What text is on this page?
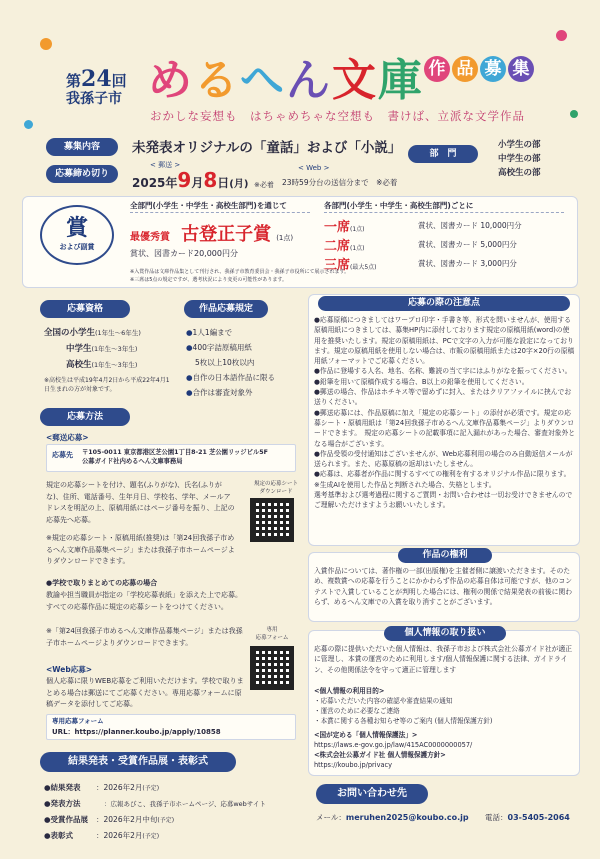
第24回
我孫子市 めるへん文庫 作 品 募 集
おかしな妄想も　はちゃめちゃな空想も　書けば、立派な文学作品
募集内容	未発表オリジナルの「童話」および「小説」	部　門
小学生の部
中学生の部
高校生の部
応募締め切り
< 郵送 >
2025年9月8日(月) ※必着
< Web >
23時59分台の送信分まで　※必着
賞
および副賞
全部門(小学生・中学生・高校生部門)を通じて
最優秀賞 古登正子賞 (1点)
賞状、図書カード20,000円分
各部門(小学生・中学生・高校生部門)ごとに
一席(1点)	賞状、図書カード 10,000円分
二席(1点)	賞状、図書カード 5,000円分
三席(最大5点)	賞状、図書カード 3,000円分
※入賞作品は文庫作品集として刊行され、我孫子市教育委員会・我孫子市役所にて展示されます。
※三席は5点の規定ですが、選考状況により変更の可能性があります。
応募資格
全国の小学生(1年生〜6年生)
中学生(1年生〜3年生)
高校生(1年生〜3年生)
※高校生は平成19年4月2日から平成22年4月1日生まれの方が対象です。
作品応募規定
●1人1編まで
●400字詰原稿用紙
5枚以上10枚以内
●自作の日本語作品に限る
●合作は審査対象外
応募方法
<郵送応募>
応募先 〒105-0011 東京都港区芝公園1丁目8-21 芝公園リッジビル5F
公募ガイド社内めるへん文庫事務局
規定の応募シートを付け、題名(ふりがな)、氏名(ふりがな)、住所、電話番号、生年月日、学校名、学年、メールアドレスを明記の上、原稿用紙にはページ番号を振り、上記の応募先へ応募。
※規定の応募シート・原稿用紙(推奨)は「第24回我孫子市めるへん文庫作品募集ページ」または我孫子市ホームページよりダウンロードできます。
規定の応募シート
ダウンロード
●学校で取りまとめての応募の場合
教諭や担当職員が指定の「学校応募表紙」を添えた上で応募。すべての応募作品に規定の応募シートをつけてください。
※「第24回我孫子市めるへん文庫作品募集ページ」または我孫子市ホームページよりダウンロードできます。
<Web応募>
個人応募に限りWEB応募をご利用いただけます。学校で取りまとめる場合は郵送にてご応募ください。専用応募フォームに原稿データを添付してご応募。
専用
応募フォーム
専用応募フォーム
URL：https://planner.koubo.jp/apply/10858
結果発表・受賞作品展・表彰式
●結果発表 ：2026年2月(予定)
●発表方法	：広報あびこ、我孫子市ホームページ、応募webサイト
●受賞作品展 ：2026年2月中旬(予定)
●表彰式	：2026年2月(予定)
応募の際の注意点
●応募原稿につきましてはワープロ印字・手書き等、形式を問いませんが、使用する原稿用紙につきましては、募集HP内に添付しております規定の原稿用紙(word)の使用を推奨いたします。規定の原稿用紙は、PCで文字の入力が可能な設定になっております。規定の原稿用紙を使用しない場合は、市販の原稿用紙または20字×20行の原稿用紙フォーマットでご応募ください。
●作品に登場する人名、地名、名称、難読の当て字にはふりがなを振ってください。
●鉛筆を用いて原稿作成する場合、B以上の鉛筆を使用してください。
●郵送の場合、作品はホチキス等で留めずに封入、またはクリアファイルに挟んでお送りください。
●郵送応募には、作品原稿に加え「規定の応募シート」の添付が必須です。規定の応募シート・原稿用紙は「第24回我孫子市めるへん文庫作品募集ページ」よりダウンロードできます。　規定の応募シートの記載事項に記入漏れがあった場合、審査対象外となる場合がございます。
●作品受領の受付通知はございませんが、Web応募利用の場合のみ自動返信メールが送られます。また、応募原稿の返却はいたしません。
●応募は、応募者が作品に関するすべての権利を有するオリジナル作品に限ります。
※生成AIを使用した作品と判断された場合、失格とします。
選考基準および選考過程に関するご質問・お問い合わせは一切お受けできませんのでご理解いただけますようお願いいたします。
作品の権利
入賞作品については、著作権の一部(出版権)を主催者側に譲渡いただきます。そのため、複数賞への応募を行うことにかかわらず作品の応募自体は可能ですが、他のコンテストで入賞していることが判明した場合には、権利の関係で結果発表の前後に関わらず、めるへん文庫での入賞を取り消すことがございます。
個人情報の取り扱い
応募の際に提供いただいた個人情報は、我孫子市および株式会社公募ガイド社が適正に管理し、本賞の運営のために利用します/個人情報保護に関する法律、ガイドライン、その他関係法令を守って適正に管理します
<個人情報の利用目的>
・応募いただいた内容の確認や審査結果の通知
・運営のために必要なご連絡
・本賞に関する各種お知らせ等のご案内 (個人情報保護方針)
<国が定める「個人情報保護法」>
https://laws.e-gov.go.jp/law/415AC0000000057/
<株式会社公募ガイド社 個人情報保護方針>
https://koubo.jp/privacy
お問い合わせ先
メール：meruhen2025@koubo.co.jp 電話：03-5405-2064
